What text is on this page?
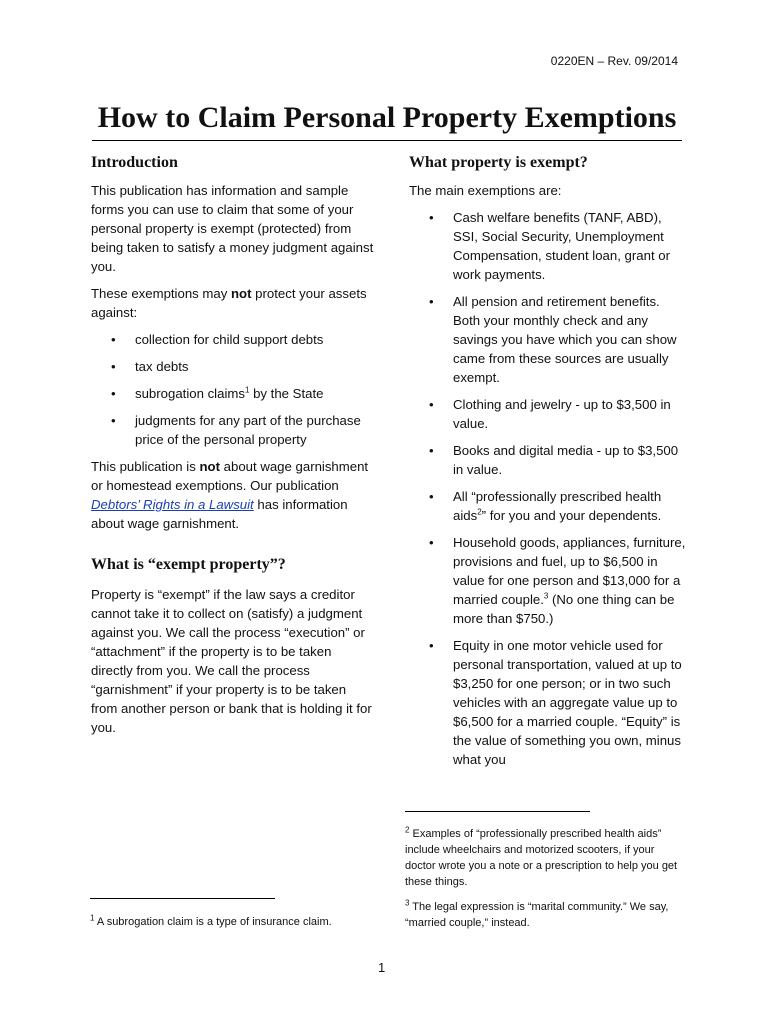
0220EN – Rev. 09/2014
How to Claim Personal Property Exemptions
Introduction

This publication has information and sample forms you can use to claim that some of your personal property is exempt (protected) from being taken to satisfy a money judgment against you.

These exemptions may not protect your assets against:

• collection for child support debts
• tax debts
• subrogation claims$^1$ by the State
• judgments for any part of the purchase price of the personal property

This publication is not about wage garnishment or homestead exemptions. Our publication Debtors’ Rights in a Lawsuit has information about wage garnishment.

What is “exempt property”?

Property is “exempt” if the law says a creditor cannot take it to collect on (satisfy) a judgment against you. We call the process “execution” or “attachment” if the property is to be taken directly from you. We call the process “garnishment” if your property is to be taken from another person or bank that is holding it for you.

What property is exempt?

The main exemptions are:

• Cash welfare benefits (TANF, ABD), SSI, Social Security, Unemployment Compensation, student loan, grant or work payments.
• All pension and retirement benefits. Both your monthly check and any savings you have which you can show came from these sources are usually exempt.
• Clothing and jewelry - up to $3,500 in value.
• Books and digital media - up to $3,500 in value.
• All “professionally prescribed health aids$^2$” for you and your dependents.
• Household goods, appliances, furniture, provisions and fuel, up to $6,500 in value for one person and $13,000 for a married couple.$^3$ (No one thing can be more than $750.)
• Equity in one motor vehicle used for personal transportation, valued at up to $3,250 for one person; or in two such vehicles with an aggregate value up to $6,500 for a married couple. “Equity” is the value of something you own, minus what you
$^2$ Examples of “professionally prescribed health aids” include wheelchairs and motorized scooters, if your doctor wrote you a note or a prescription to help you get these things.
$^3$ The legal expression is “marital community.” We say, “married couple,” instead.
$^1$ A subrogation claim is a type of insurance claim.
1
